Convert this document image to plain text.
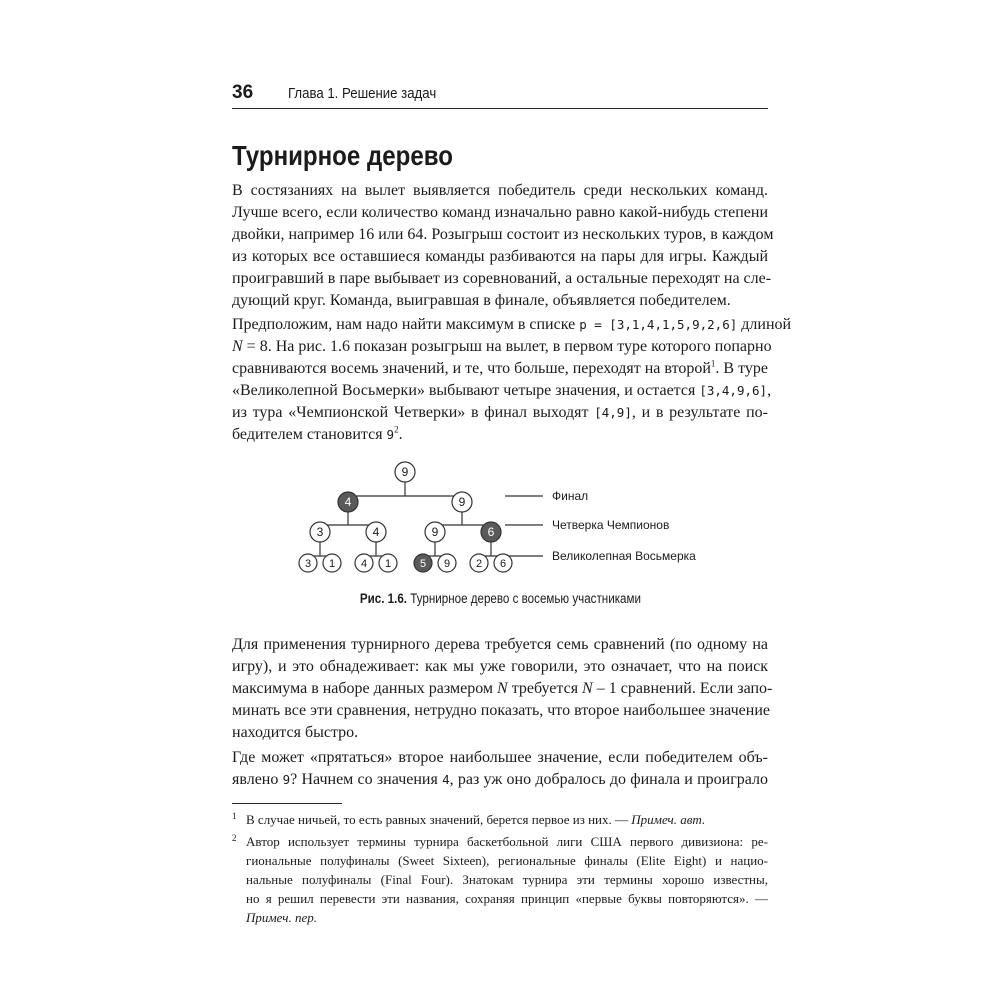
36 Глава 1. Решение задач
Турнирное дерево
В состязаниях на вылет выявляется победитель среди нескольких команд.
Лучше всего, если количество команд изначально равно какой-нибудь степени
двойки, например 16 или 64. Розыгрыш состоит из нескольких туров, в каждом
из которых все оставшиеся команды разбиваются на пары для игры. Каждый
проигравший в паре выбывает из соревнований, а остальные переходят на сле-
дующий круг. Команда, выигравшая в финале, объявляется победителем.
Предположим, нам надо найти максимум в списке p = [3,1,4,1,5,9,2,6] длиной
N = 8. На рис. 1.6 показан розыгрыш на вылет, в первом туре которого попарно
сравниваются восемь значений, и те, что больше, переходят на второй$^1$. В туре
«Великолепной Восьмерки» выбывают четыре значения, и остается [3,4,9,6],
из тура «Чемпионской Четверки» в финал выходят [4,9], и в результате по-
бедителем становится $9^2$.
9
4	9
3	4	9	6
3 1 4 1	5 9 2 6
Финал
Четверка Чемпионов
Великолепная Восьмерка
Рис. 1.6. Турнирное дерево с восемью участниками
Для применения турнирного дерева требуется семь сравнений (по одному на
игру), и это обнадеживает: как мы уже говорили, это означает, что на поиск
максимума в наборе данных размером N требуется N – 1 сравнений. Если запо-
минать все эти сравнения, нетрудно показать, что второе наибольшее значение
находится быстро.
Где может «прятаться» второе наибольшее значение, если победителем объ-
явлено 9? Начнем со значения 4, раз уж оно добралось до финала и проиграло
1 В случае ничьей, то есть равных значений, берется первое из них. — Примеч. авт.
2 Автор использует термины турнира баскетбольной лиги США первого дивизиона: ре-
гиональные полуфиналы (Sweet Sixteen), региональные финалы (Elite Eight) и нацио-
нальные полуфиналы (Final Four). Знатокам турнира эти термины хорошо известны,
но я решил перевести эти названия, сохраняя принцип «первые буквы повторяются». —
Примеч. пер.
